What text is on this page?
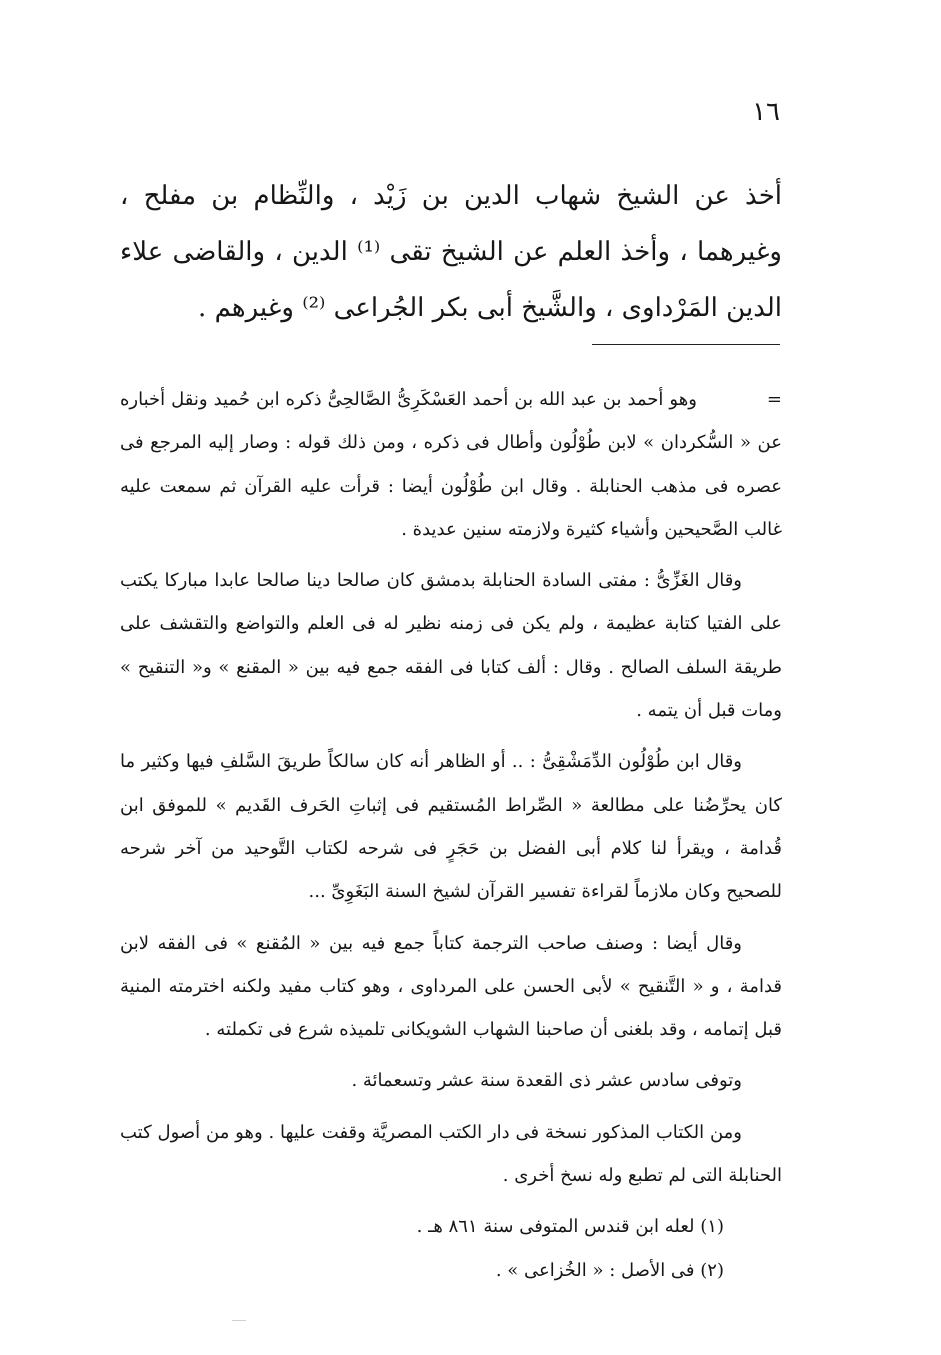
١٦

أخذ عن الشيخ شهاب الدين بن زَيْد ، والنِّظام بن مفلح ، وغيرهما ، وأخذ العلم عن الشيخ تقى ⁽¹⁾ الدين ، والقاضى علاء الدين المَرْداوى ، والشَّيخ أبى بكر الجُراعى ⁽²⁾ وغيرهم .

=وهو أحمد بن عبد الله بن أحمد العَسْكَرِىُّ الصَّالحِىُّ ذكره ابن حُميد ونقل أخباره عن « السُّكردان » لابن طُوْلُون وأطال فى ذكره ، ومن ذلك قوله : وصار إليه المرجع فى عصره فى مذهب الحنابلة . وقال ابن طُوْلُون أيضا : قرأت عليه القرآن ثم سمعت عليه غالب الصَّحيحين وأشياء كثيرة ولازمته سنين عديدة .

وقال الغَزِّىُّ : مفتى السادة الحنابلة بدمشق كان صالحا دينا صالحا عابدا مباركا يكتب على الفتيا كتابة عظيمة ، ولم يكن فى زمنه نظير له فى العلم والتواضع والتقشف على طريقة السلف الصالح . وقال : ألف كتابا فى الفقه جمع فيه بين « المقنع » و« التنقيح » ومات قبل أن يتمه .

وقال ابن طُوْلُون الدِّمَشْقِىُّ : .. أو الظاهر أنه كان سالكاً طريقَ السَّلفِ فيها وكثير ما كان يحرِّضُنا على مطالعة « الصِّراط المُستقيم فى إثباتِ الحَرف القَديم » للموفق ابن قُدامة ، ويقرأ لنا كلام أبى الفضل بن حَجَرٍ فى شرحه لكتاب التَّوحيد من آخر شرحه للصحيح وكان ملازماً لقراءة تفسير القرآن لشيخ السنة البَغَوِىِّ ...

وقال أيضا : وصنف صاحب الترجمة كتاباً جمع فيه بين « المُقنع » فى الفقه لابن قدامة ، و « التَّنقيح » لأبى الحسن على المرداوى ، وهو كتاب مفيد ولكنه اخترمته المنية قبل إتمامه ، وقد بلغنى أن صاحبنا الشهاب الشويكانى تلميذه شرع فى تكملته .

وتوفى سادس عشر ذى القعدة سنة عشر وتسعمائة .

ومن الكتاب المذكور نسخة فى دار الكتب المصريَّة وقفت عليها . وهو من أصول كتب الحنابلة التى لم تطبع وله نسخ أخرى .

(١) لعله ابن قندس المتوفى سنة ٨٦١ هـ .

(٢) فى الأصل : « الخُزاعى » .
